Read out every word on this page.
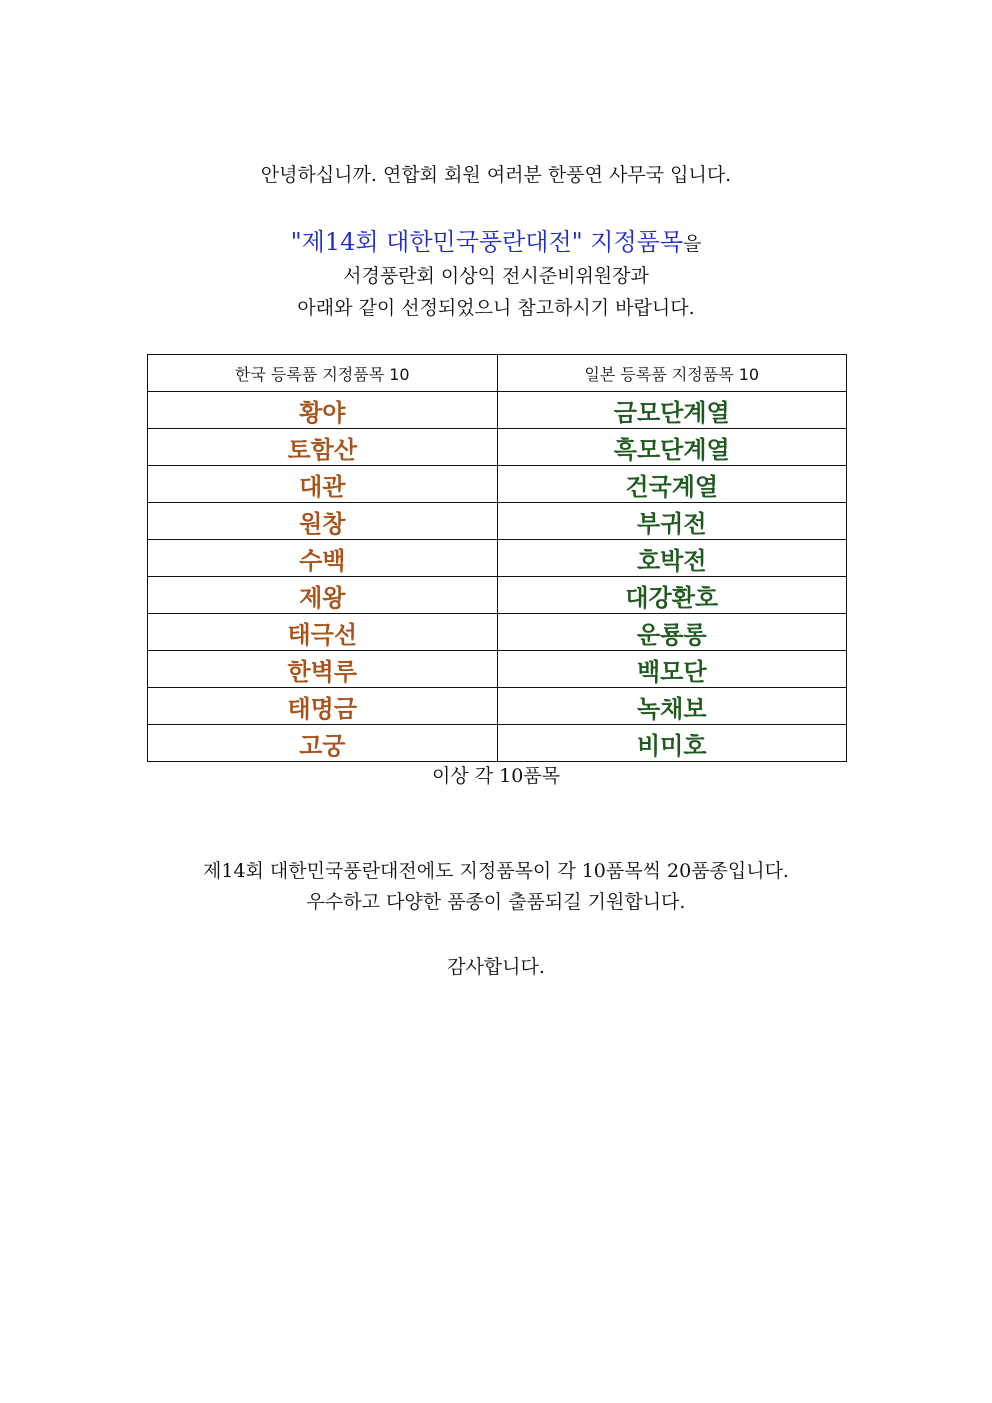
안녕하십니까. 연합회 회원 여러분 한풍연 사무국 입니다.
"제14회 대한민국풍란대전" 지정품목을
서경풍란회 이상익 전시준비위원장과
아래와 같이 선정되었으니 참고하시기 바랍니다.
한국 등록품 지정품목 10	일본 등록품 지정품목 10
황야	금모단계열
토함산	흑모단계열
대관	건국계열
원창	부귀전
수백	호박전
제왕	대강환호
태극선	운룡롱
한벽루	백모단
태명금	녹채보
고궁	비미호
이상 각 10품목
제14회 대한민국풍란대전에도 지정품목이 각 10품목씩 20품종입니다.
우수하고 다양한 품종이 출품되길 기원합니다.
감사합니다.
